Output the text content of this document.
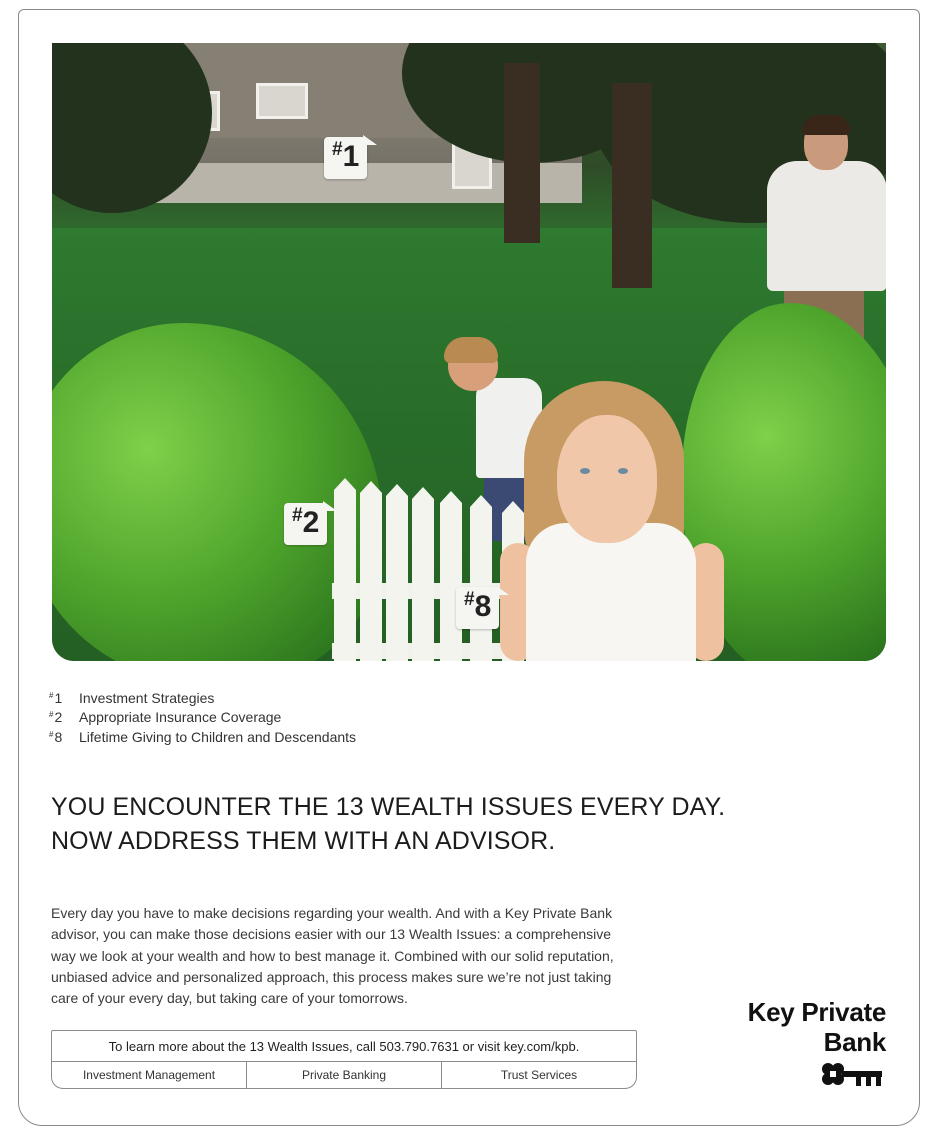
#1
#2
#8
#1	Investment Strategies
#2	Appropriate Insurance Coverage
#8	Lifetime Giving to Children and Descendants
YOU ENCOUNTER THE 13 WEALTH ISSUES EVERY DAY.
NOW ADDRESS THEM WITH AN ADVISOR.
Every day you have to make decisions regarding your wealth. And with a Key Private Bank
advisor, you can make those decisions easier with our 13 Wealth Issues: a comprehensive
way we look at your wealth and how to best manage it. Combined with our solid reputation,
unbiased advice and personalized approach, this process makes sure we’re not just taking
care of your every day, but taking care of your tomorrows.
To learn more about the 13 Wealth Issues, call 503.790.7631 or visit key.com/kpb.
Investment Management	Private Banking	Trust Services
Key Private
Bank
